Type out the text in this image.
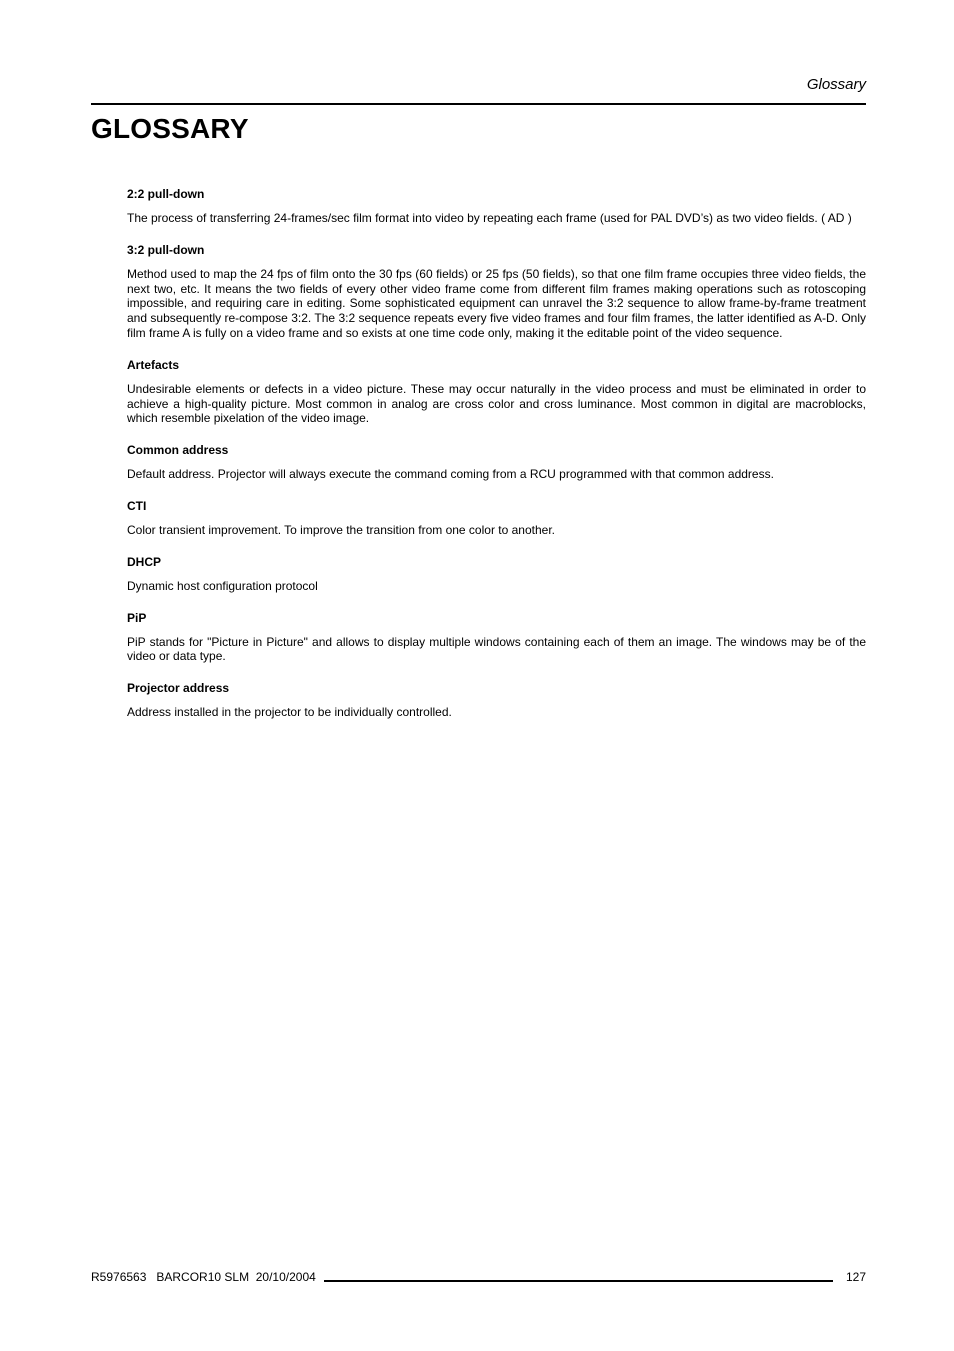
Glossary
GLOSSARY

2:2 pull-down

The process of transferring 24-frames/sec film format into video by repeating each frame (used for PAL DVD’s) as two video fields. ( AD )

3:2 pull-down

Method used to map the 24 fps of film onto the 30 fps (60 fields) or 25 fps (50 fields), so that one film frame occupies three video fields, the next two, etc. It means the two fields of every other video frame come from different film frames making operations such as rotoscoping impossible, and requiring care in editing. Some sophisticated equipment can unravel the 3:2 sequence to allow frame-by-frame treatment and subsequently re-compose 3:2. The 3:2 sequence repeats every five video frames and four film frames, the latter identified as A-D. Only film frame A is fully on a video frame and so exists at one time code only, making it the editable point of the video sequence.

Artefacts

Undesirable elements or defects in a video picture. These may occur naturally in the video process and must be eliminated in order to achieve a high-quality picture. Most common in analog are cross color and cross luminance. Most common in digital are macroblocks, which resemble pixelation of the video image.

Common address

Default address. Projector will always execute the command coming from a RCU programmed with that common address.

CTI

Color transient improvement. To improve the transition from one color to another.

DHCP

Dynamic host configuration protocol

PiP

PiP stands for "Picture in Picture" and allows to display multiple windows containing each of them an image. The windows may be of the video or data type.

Projector address

Address installed in the projector to be individually controlled.

R5976563   BARCOR10 SLM  20/10/2004	127
